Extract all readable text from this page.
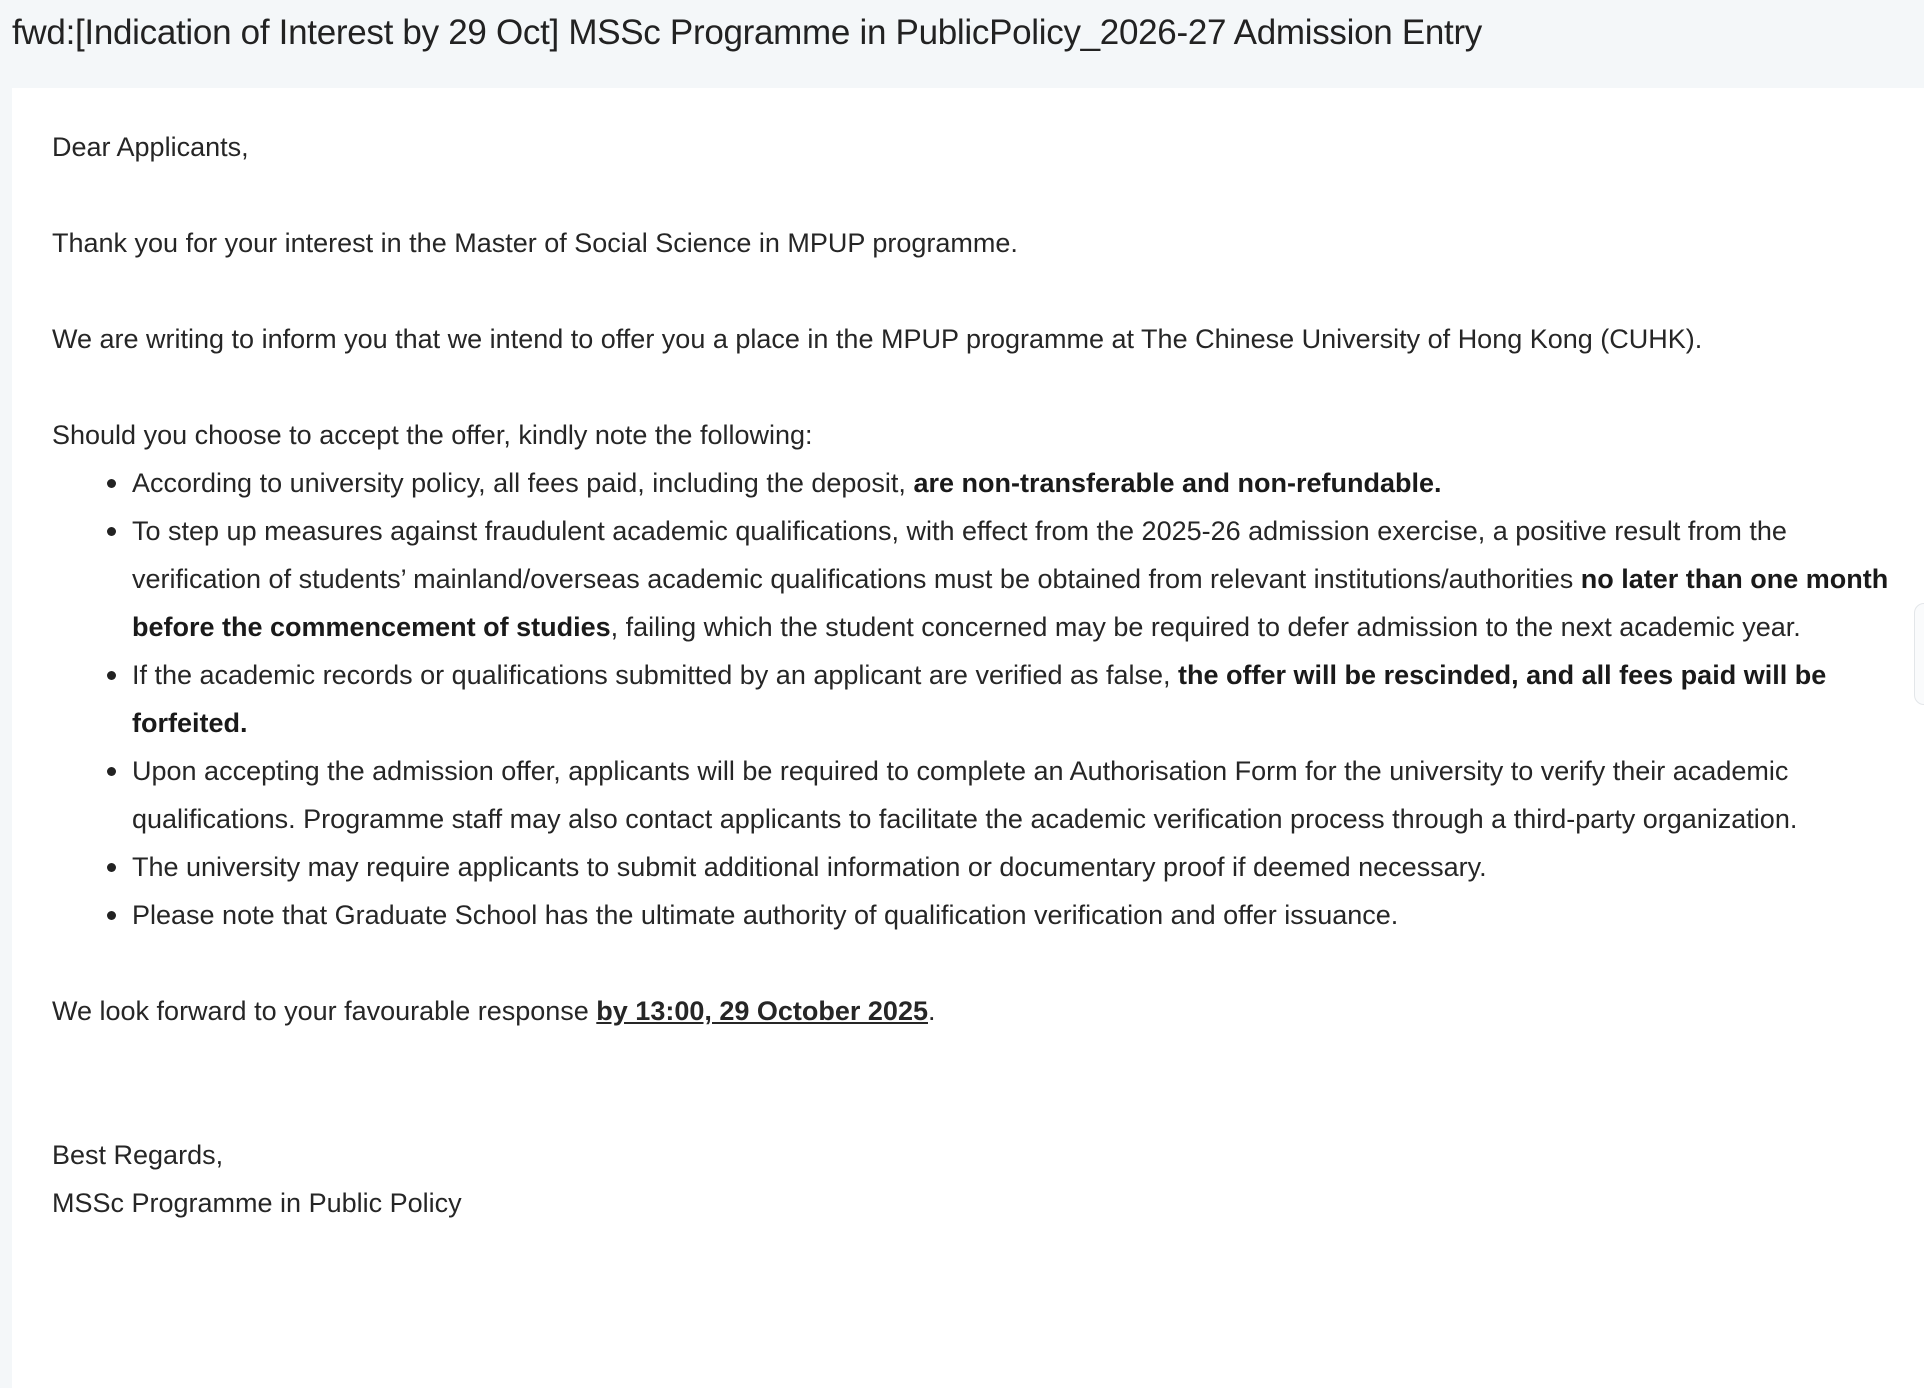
fwd:[Indication of Interest by 29 Oct] MSSc Programme in PublicPolicy_2026-27 Admission Entry

Dear Applicants,

Thank you for your interest in the Master of Social Science in MPUP programme.

We are writing to inform you that we intend to offer you a place in the MPUP programme at The Chinese University of Hong Kong (CUHK).

Should you choose to accept the offer, kindly note the following:

According to university policy, all fees paid, including the deposit, are non-transferable and non-refundable.
To step up measures against fraudulent academic qualifications, with effect from the 2025-26 admission exercise, a positive result from the verification of students’ mainland/overseas academic qualifications must be obtained from relevant institutions/authorities no later than one month before the commencement of studies, failing which the student concerned may be required to defer admission to the next academic year.
If the academic records or qualifications submitted by an applicant are verified as false, the offer will be rescinded, and all fees paid will be forfeited.
Upon accepting the admission offer, applicants will be required to complete an Authorisation Form for the university to verify their academic qualifications. Programme staff may also contact applicants to facilitate the academic verification process through a third-party organization.
The university may require applicants to submit additional information or documentary proof if deemed necessary.
Please note that Graduate School has the ultimate authority of qualification verification and offer issuance.

We look forward to your favourable response by 13:00, 29 October 2025.

Best Regards,

MSSc Programme in Public Policy
